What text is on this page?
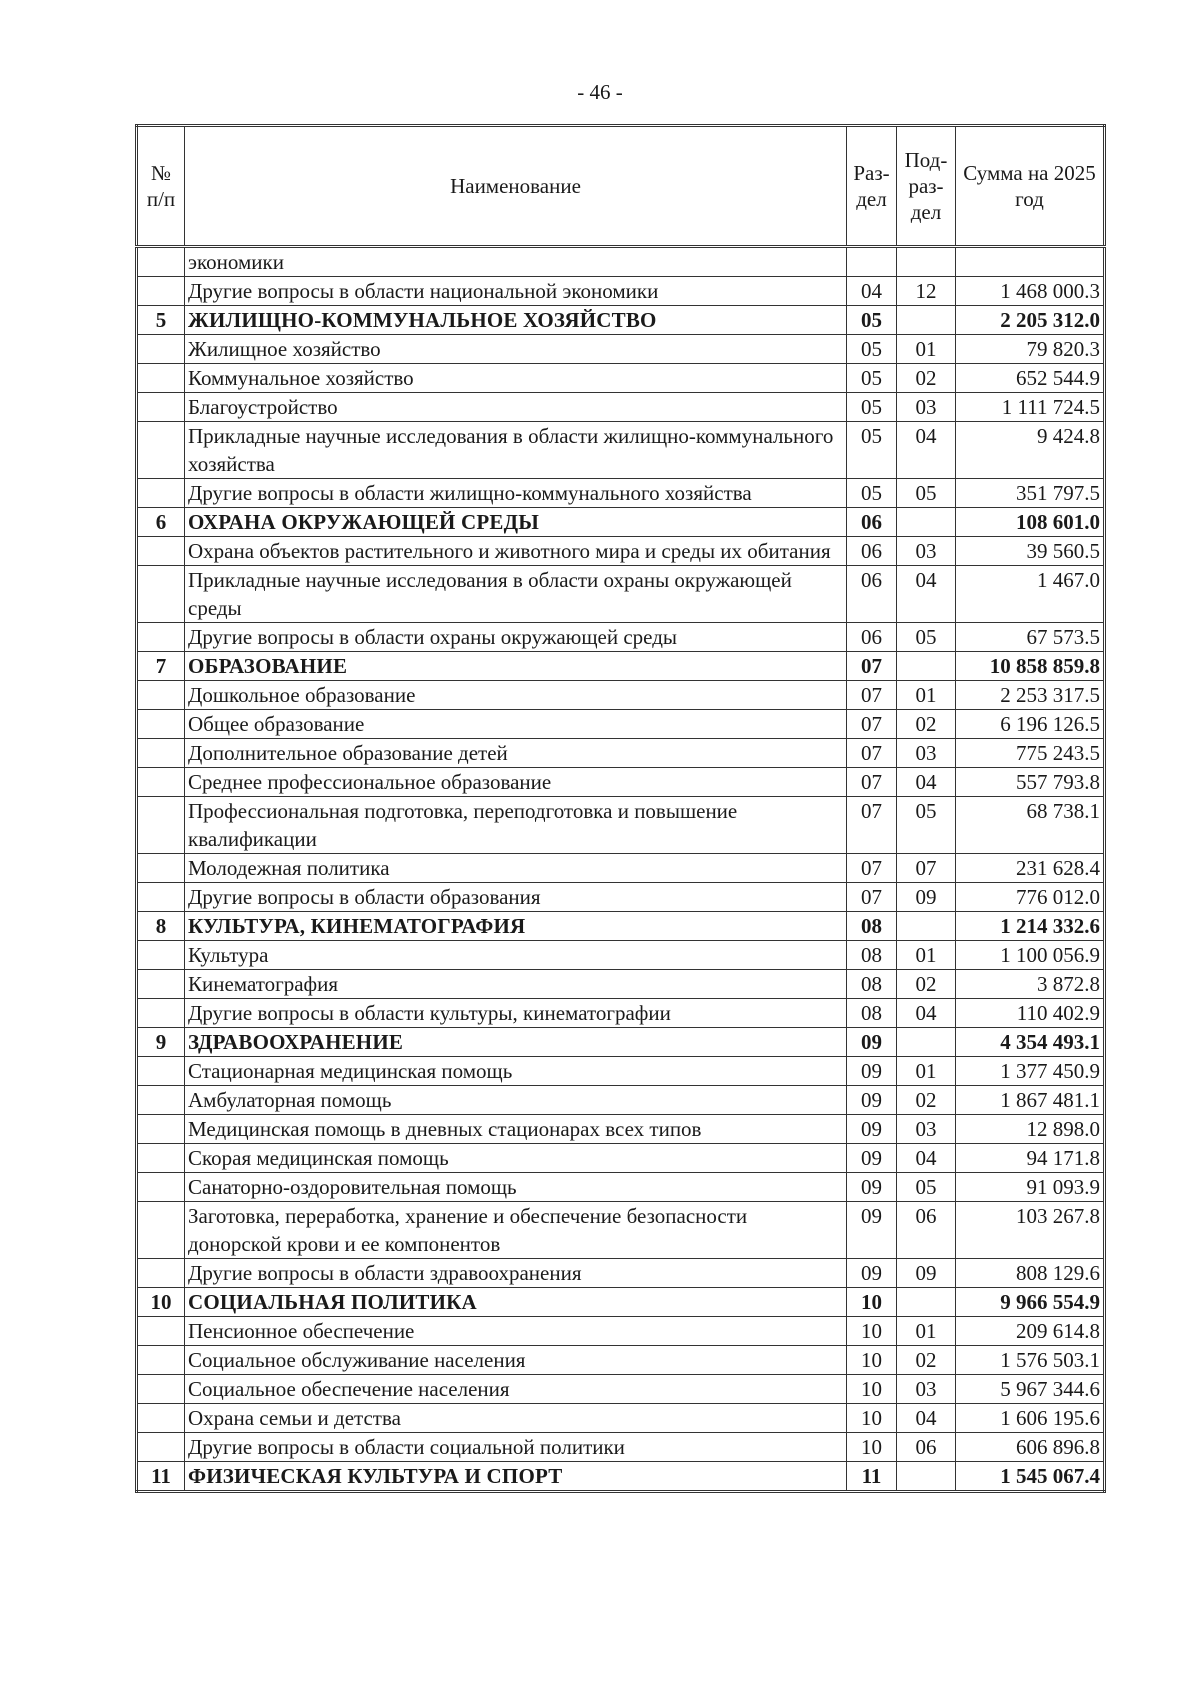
- 46 -
№ п/п	Наименование	Раз-дел	Под-раз-дел	Сумма на 2025 год
	экономики			
	Другие вопросы в области национальной экономики	04	12	1 468 000.3
5	ЖИЛИЩНО-КОММУНАЛЬНОЕ ХОЗЯЙСТВО	05		2 205 312.0
	Жилищное хозяйство	05	01	79 820.3
	Коммунальное хозяйство	05	02	652 544.9
	Благоустройство	05	03	1 111 724.5
	Прикладные научные исследования в области жилищно-коммунального хозяйства	05	04	9 424.8
	Другие вопросы в области жилищно-коммунального хозяйства	05	05	351 797.5
6	ОХРАНА ОКРУЖАЮЩЕЙ СРЕДЫ	06		108 601.0
	Охрана объектов растительного и животного мира и среды их обитания	06	03	39 560.5
	Прикладные научные исследования в области охраны окружающей среды	06	04	1 467.0
	Другие вопросы в области охраны окружающей среды	06	05	67 573.5
7	ОБРАЗОВАНИЕ	07		10 858 859.8
	Дошкольное образование	07	01	2 253 317.5
	Общее образование	07	02	6 196 126.5
	Дополнительное образование детей	07	03	775 243.5
	Среднее профессиональное образование	07	04	557 793.8
	Профессиональная подготовка, переподготовка и повышение квалификации	07	05	68 738.1
	Молодежная политика	07	07	231 628.4
	Другие вопросы в области образования	07	09	776 012.0
8	КУЛЬТУРА, КИНЕМАТОГРАФИЯ	08		1 214 332.6
	Культура	08	01	1 100 056.9
	Кинематография	08	02	3 872.8
	Другие вопросы в области культуры, кинематографии	08	04	110 402.9
9	ЗДРАВООХРАНЕНИЕ	09		4 354 493.1
	Стационарная медицинская помощь	09	01	1 377 450.9
	Амбулаторная помощь	09	02	1 867 481.1
	Медицинская помощь в дневных стационарах всех типов	09	03	12 898.0
	Скорая медицинская помощь	09	04	94 171.8
	Санаторно-оздоровительная помощь	09	05	91 093.9
	Заготовка, переработка, хранение и обеспечение безопасности донорской крови и ее компонентов	09	06	103 267.8
	Другие вопросы в области здравоохранения	09	09	808 129.6
10	СОЦИАЛЬНАЯ ПОЛИТИКА	10		9 966 554.9
	Пенсионное обеспечение	10	01	209 614.8
	Социальное обслуживание населения	10	02	1 576 503.1
	Социальное обеспечение населения	10	03	5 967 344.6
	Охрана семьи и детства	10	04	1 606 195.6
	Другие вопросы в области социальной политики	10	06	606 896.8
11	ФИЗИЧЕСКАЯ КУЛЬТУРА И СПОРТ	11		1 545 067.4
